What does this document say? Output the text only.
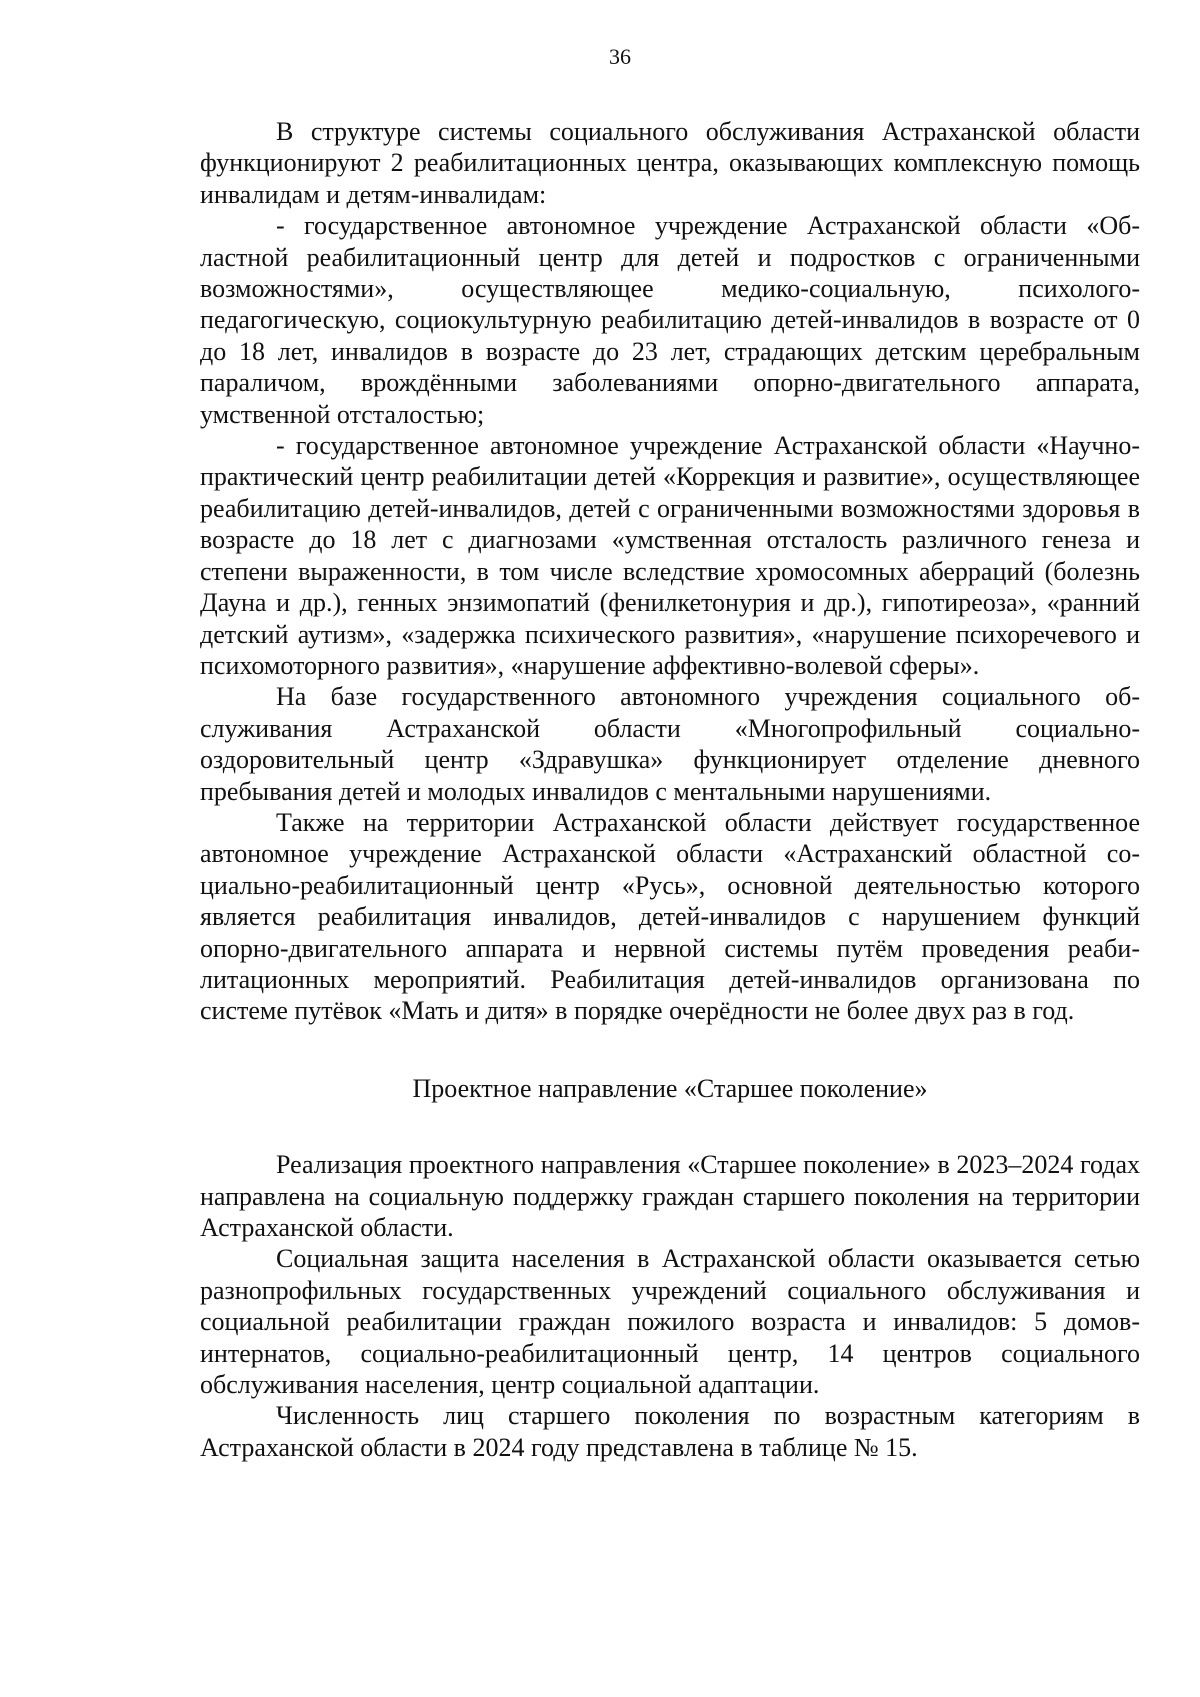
36

В структуре системы социального обслуживания Астраханской области функционируют 2 реабилитационных центра, оказывающих комплексную помощь инвалидам и детям-инвалидам:

- государственное автономное учреждение Астраханской области «Областной реабилитационный центр для детей и подростков с ограниченными возможностями», осуществляющее медико-социальную, психолого-педагогическую, социокультурную реабилитацию детей-инвалидов в возрасте от 0 до 18 лет, инвалидов в возрасте до 23 лет, страдающих детским церебральным параличом, врождёнными заболеваниями опорно-двигательного аппарата, умственной отсталостью;

- государственное автономное учреждение Астраханской области «Научно-практический центр реабилитации детей «Коррекция и развитие», осуществляющее реабилитацию детей-инвалидов, детей с ограниченными возможностями здоровья в возрасте до 18 лет с диагнозами «умственная отсталость различного генеза и степени выраженности, в том числе вследствие хромосомных аберраций (болезнь Дауна и др.), генных энзимопатий (фенилкетонурия и др.), гипотиреоза», «ранний детский аутизм», «задержка психического развития», «нарушение психоречевого и психомоторного развития», «нарушение аффективно-волевой сферы».

На базе государственного автономного учреждения социального обслуживания Астраханской области «Многопрофильный социально-оздоровительный центр «Здравушка» функционирует отделение дневного пребывания детей и молодых инвалидов с ментальными нарушениями.

Также на территории Астраханской области действует государственное автономное учреждение Астраханской области «Астраханский областной социально-реабилитационный центр «Русь», основной деятельностью которого является реабилитация инвалидов, детей-инвалидов с нарушением функций опорно-двигательного аппарата и нервной системы путём проведения реабилитационных мероприятий. Реабилитация детей-инвалидов организована по системе путёвок «Мать и дитя» в порядке очерёдности не более двух раз в год.

Проектное направление «Старшее поколение»

Реализация проектного направления «Старшее поколение» в 2023–2024 годах направлена на социальную поддержку граждан старшего поколения на территории Астраханской области.

Социальная защита населения в Астраханской области оказывается сетью разнопрофильных государственных учреждений социального обслуживания и социальной реабилитации граждан пожилого возраста и инвалидов: 5 домов-интернатов, социально-реабилитационный центр, 14 центров социального обслуживания населения, центр социальной адаптации.

Численность лиц старшего поколения по возрастным категориям в Астраханской области в 2024 году представлена в таблице № 15.
